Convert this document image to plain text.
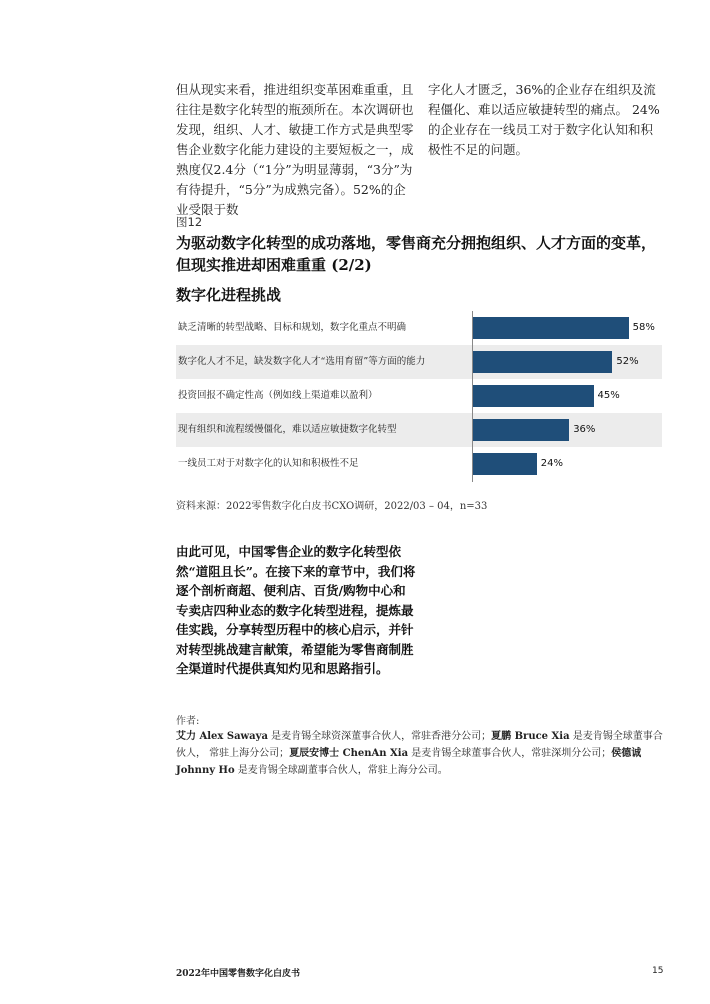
但从现实来看，推进组织变革困难重重，且往往是数字化转型的瓶颈所在。本次调研也发现，组织、人才、敏捷工作方式是典型零售企业数字化能力建设的主要短板之一，成熟度仅2.4分（“1分”为明显薄弱，“3分”为有待提升，“5分”为成熟完备）。52%的企业受限于数
字化人才匮乏，36%的企业存在组织及流程僵化、难以适应敏捷转型的痛点。 24%的企业存在一线员工对于数字化认知和积极性不足的问题。
图12
为驱动数字化转型的成功落地，零售商充分拥抱组织、人才方面的变革，但现实推进却困难重重 (2/2)
数字化进程挑战
缺乏清晰的转型战略、目标和规划，数字化重点不明确	58%
数字化人才不足，缺发数字化人才“选用育留”等方面的能力	52%
投资回报不确定性高（例如线上渠道难以盈利）	45%
现有组织和流程缓慢僵化，难以适应敏捷数字化转型	36%
一线员工对于对数字化的认知和积极性不足	24%
资料来源：2022零售数字化白皮书CXO调研，2022/03 – 04，n=33
由此可见，中国零售企业的数字化转型依然“道阻且长”。在接下来的章节中，我们将逐个剖析商超、便利店、百货/购物中心和专卖店四种业态的数字化转型进程，提炼最佳实践，分享转型历程中的核心启示，并针对转型挑战建言献策，希望能为零售商制胜全渠道时代提供真知灼见和思路指引。
作者:
艾力 Alex Sawaya 是麦肯锡全球资深董事合伙人，常驻香港分公司；夏鹏 Bruce Xia 是麦肯锡全球董事合伙人， 常驻上海分公司；夏辰安博士 ChenAn Xia 是麦肯锡全球董事合伙人，常驻深圳分公司；侯德诚 Johnny Ho 是麦肯锡全球副董事合伙人，常驻上海分公司。
2022年中国零售数字化白皮书	15
